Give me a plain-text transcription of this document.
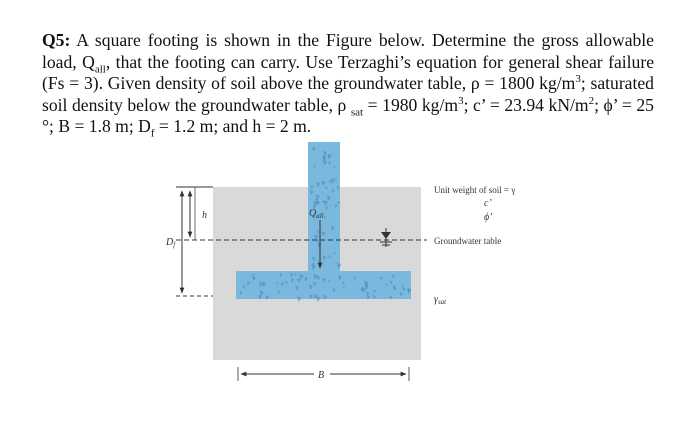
Q5: A square footing is shown in the Figure below. Determine the gross allowable load, $Q_{all}$, that the footing can carry. Use Terzaghi’s equation for general shear failure (Fs = 3). Given density of soil above the groundwater table, ρ = 1800 $kg/m^3$; saturated soil density below the groundwater table, ρ $_{sat}$ = 1980 $kg/m^3$; c’ = 23.94 $kN/m^2$; ϕ’ = 25 °; B = 1.8 m; $D_f = 1.2$ m; and h = 2 m.
h
$D_f$
$Q_{all}$
B
Unit weight of soil = γ
c’
ϕ’
Groundwater table
$\gamma_{sat}$
